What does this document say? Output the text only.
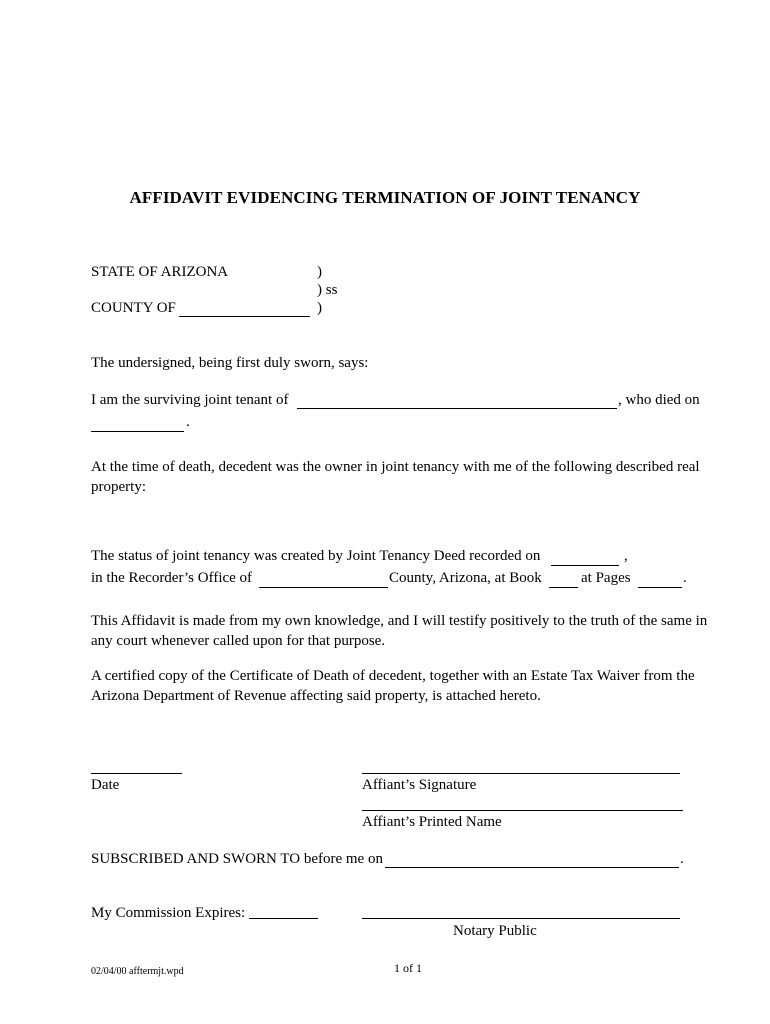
AFFIDAVIT EVIDENCING TERMINATION OF JOINT TENANCY
STATE OF ARIZONA	)
) ss
COUNTY OF	)
The undersigned, being first duly sworn, says:
I am the surviving joint tenant of	, who died on
.
At the time of death, decedent was the owner in joint tenancy with me of the following described real property:
The status of joint tenancy was created by Joint Tenancy Deed recorded on	,
in the Recorder’s Office of	County, Arizona, at Book	at Pages	.
This Affidavit is made from my own knowledge, and I will testify positively to the truth of the same in any court whenever called upon for that purpose.
A certified copy of the Certificate of Death of decedent, together with an Estate Tax Waiver from the Arizona Department of Revenue affecting said property, is attached hereto.
Date	Affiant’s Signature
Affiant’s Printed Name
SUBSCRIBED AND SWORN TO before me on	.
My Commission Expires:
Notary Public
02/04/00 afftermjt.wpd	1 of 1
